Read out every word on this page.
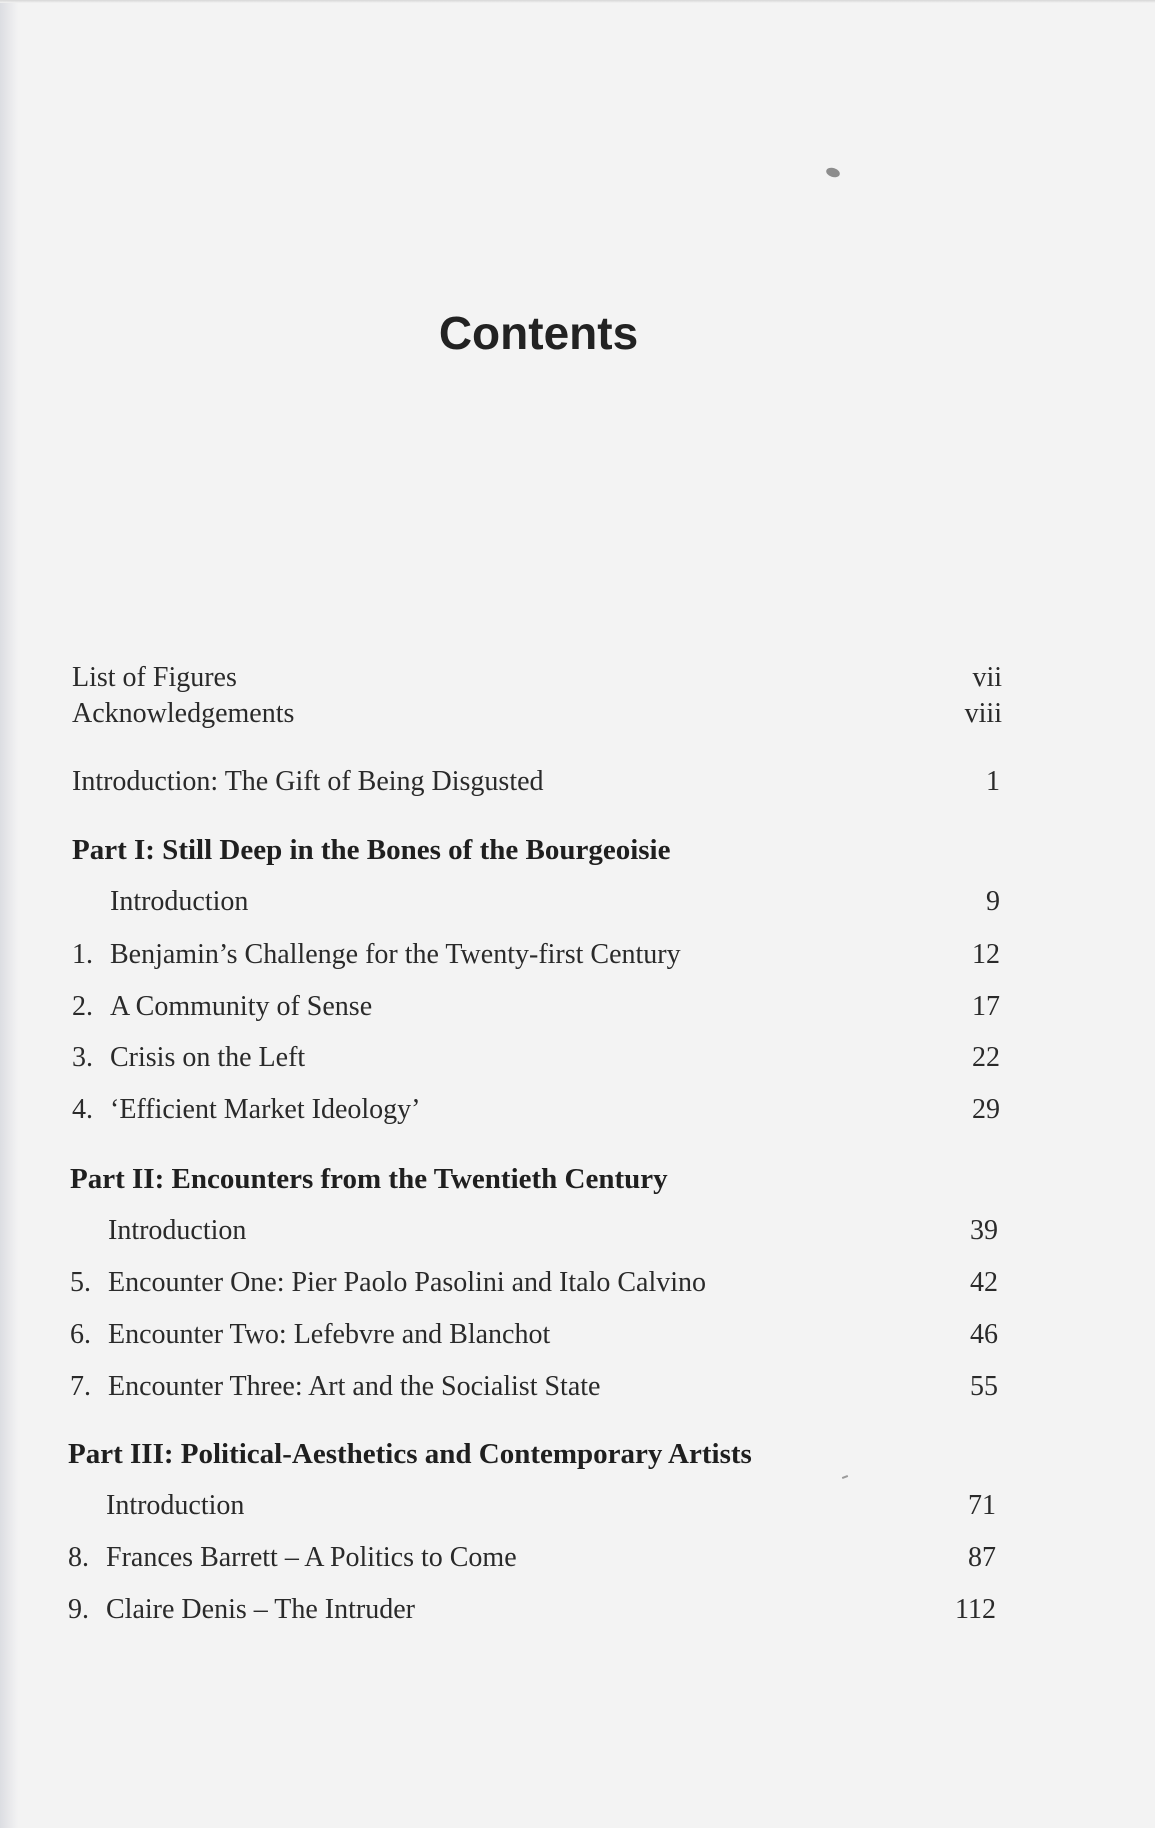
Contents
List of Figures	vii
Acknowledgements	viii
Introduction: The Gift of Being Disgusted	1
Part I: Still Deep in the Bones of the Bourgeoisie
Introduction	9
1. Benjamin’s Challenge for the Twenty-first Century	12
2. A Community of Sense	17
3. Crisis on the Left	22
4. ‘Efficient Market Ideology’	29
Part II: Encounters from the Twentieth Century
Introduction	39
5. Encounter One: Pier Paolo Pasolini and Italo Calvino	42
6. Encounter Two: Lefebvre and Blanchot	46
7. Encounter Three: Art and the Socialist State	55
Part III: Political-Aesthetics and Contemporary Artists
Introduction	71
8. Frances Barrett – A Politics to Come	87
9. Claire Denis – The Intruder	112
